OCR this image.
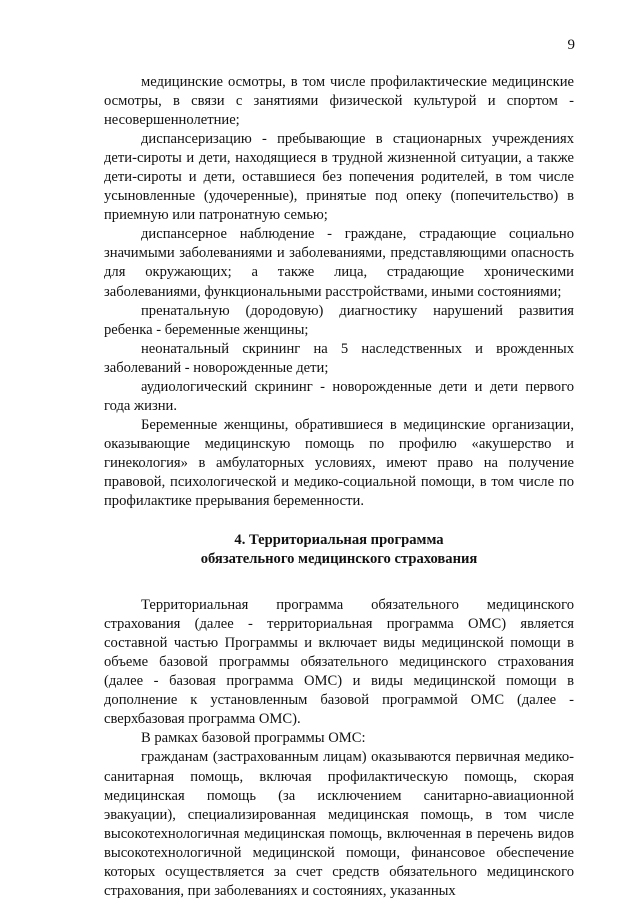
9

медицинские осмотры, в том числе профилактические медицинские осмотры, в связи с занятиями физической культурой и спортом - несовершеннолетние;

диспансеризацию - пребывающие в стационарных учреждениях дети-сироты и дети, находящиеся в трудной жизненной ситуации, а также дети-сироты и дети, оставшиеся без попечения родителей, в том числе усыновленные (удочеренные), принятые под опеку (попечительство) в приемную или патронатную семью;

диспансерное наблюдение - граждане, страдающие социально значимыми заболеваниями и заболеваниями, представляющими опасность для окружающих; а также лица, страдающие хроническими заболеваниями, функциональными расстройствами, иными состояниями;

пренатальную (дородовую) диагностику нарушений развития ребенка - беременные женщины;

неонатальный скрининг на 5 наследственных и врожденных заболеваний - новорожденные дети;

аудиологический скрининг - новорожденные дети и дети первого года жизни.

Беременные женщины, обратившиеся в медицинские организации, оказывающие медицинскую помощь по профилю «акушерство и гинекология» в амбулаторных условиях, имеют право на получение правовой, психологической и медико-социальной помощи, в том числе по профилактике прерывания беременности.

4. Территориальная программа
обязательного медицинского страхования

Территориальная программа обязательного медицинского страхования (далее - территориальная программа ОМС) является составной частью Программы и включает виды медицинской помощи в объеме базовой программы обязательного медицинского страхования (далее - базовая программа ОМС) и виды медицинской помощи в дополнение к установленным базовой программой ОМС (далее - сверхбазовая программа ОМС).

В рамках базовой программы ОМС:

гражданам (застрахованным лицам) оказываются первичная медико-санитарная помощь, включая профилактическую помощь, скорая медицинская помощь (за исключением санитарно-авиационной эвакуации), специализированная медицинская помощь, в том числе высокотехнологичная медицинская помощь, включенная в перечень видов высокотехнологичной медицинской помощи, финансовое обеспечение которых осуществляется за счет средств обязательного медицинского страхования, при заболеваниях и состояниях, указанных
